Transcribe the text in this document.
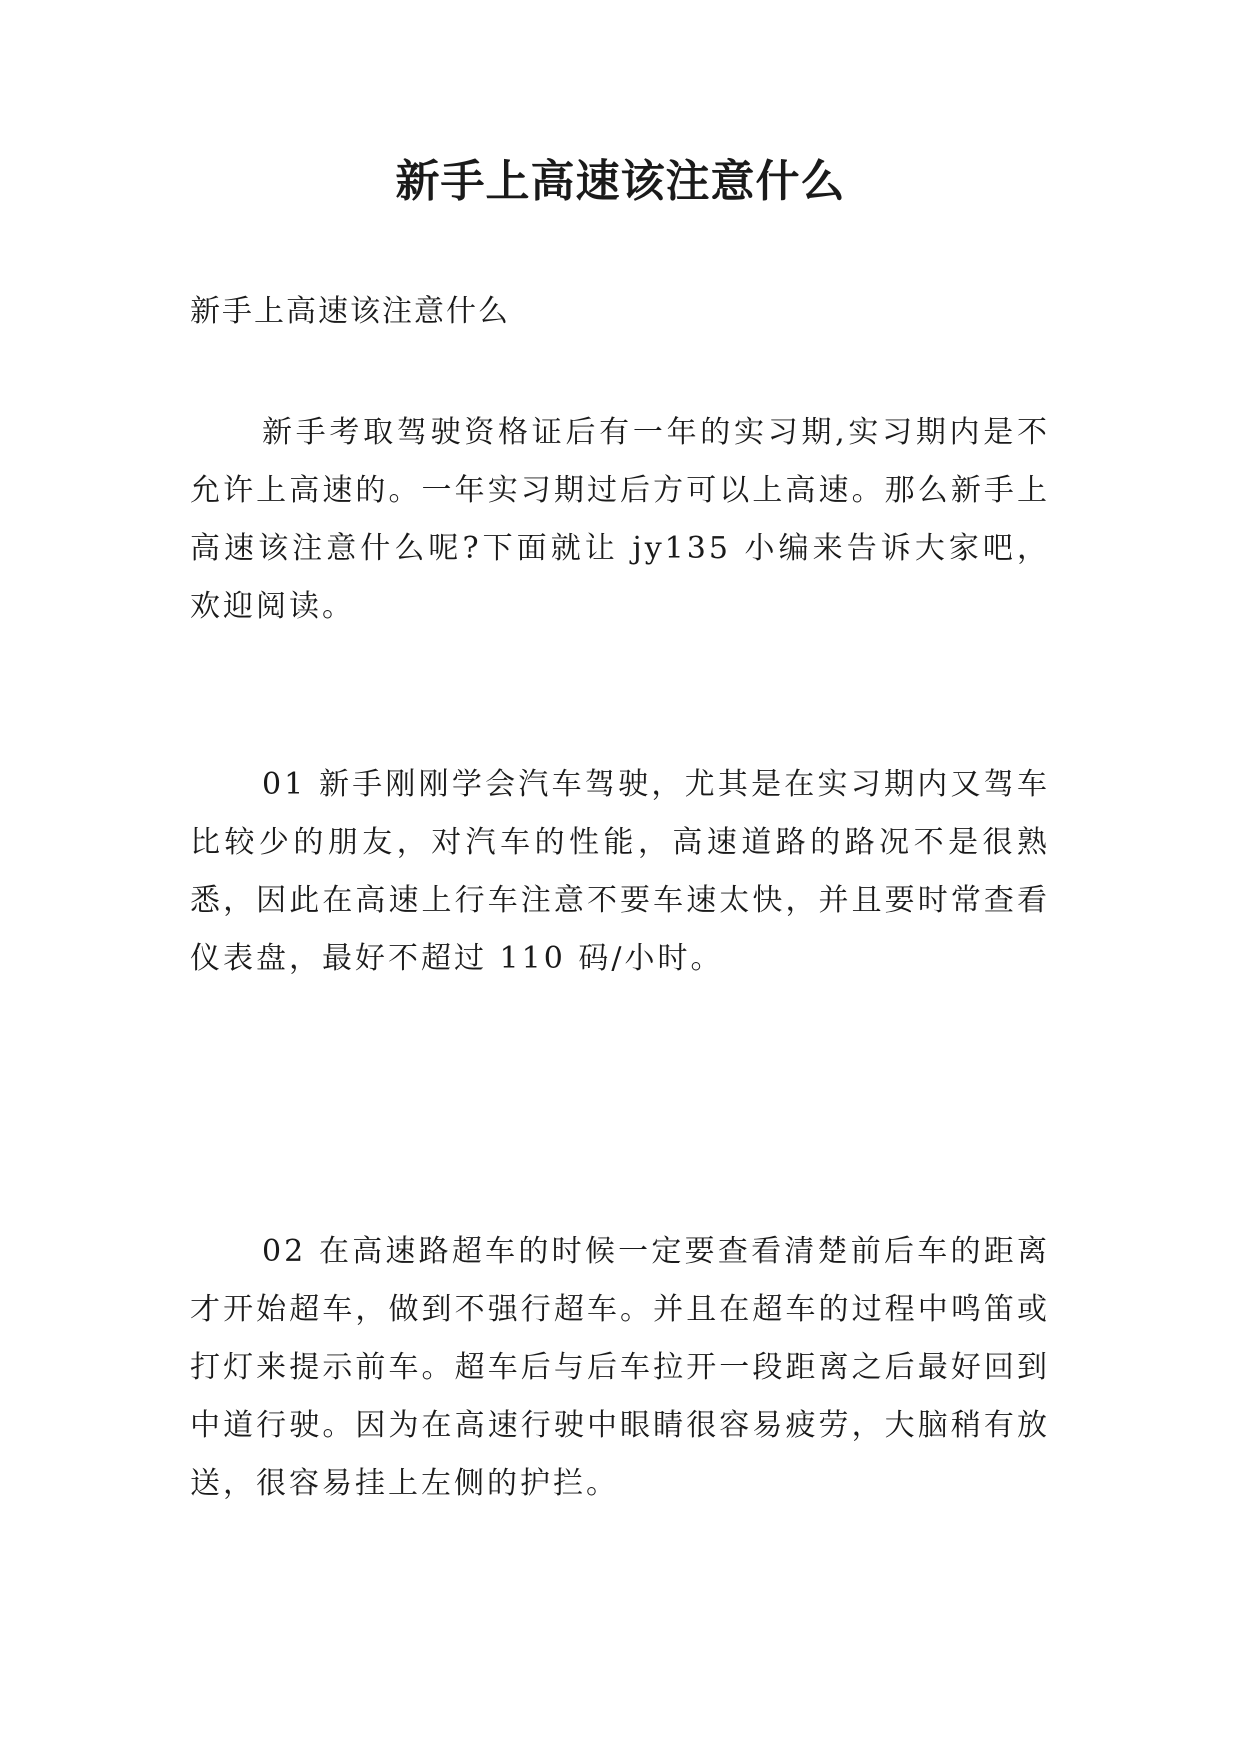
新手上高速该注意什么

新手上高速该注意什么

新手考取驾驶资格证后有一年的实习期,实习期内是不允许上高速的。一年实习期过后方可以上高速。那么新手上高速该注意什么呢?下面就让 jy135 小编来告诉大家吧，欢迎阅读。

01 新手刚刚学会汽车驾驶，尤其是在实习期内又驾车比较少的朋友，对汽车的性能，高速道路的路况不是很熟悉，因此在高速上行车注意不要车速太快，并且要时常查看仪表盘，最好不超过 110 码/小时。

02 在高速路超车的时候一定要查看清楚前后车的距离才开始超车，做到不强行超车。并且在超车的过程中鸣笛或打灯来提示前车。超车后与后车拉开一段距离之后最好回到中道行驶。因为在高速行驶中眼睛很容易疲劳，大脑稍有放送，很容易挂上左侧的护拦。
